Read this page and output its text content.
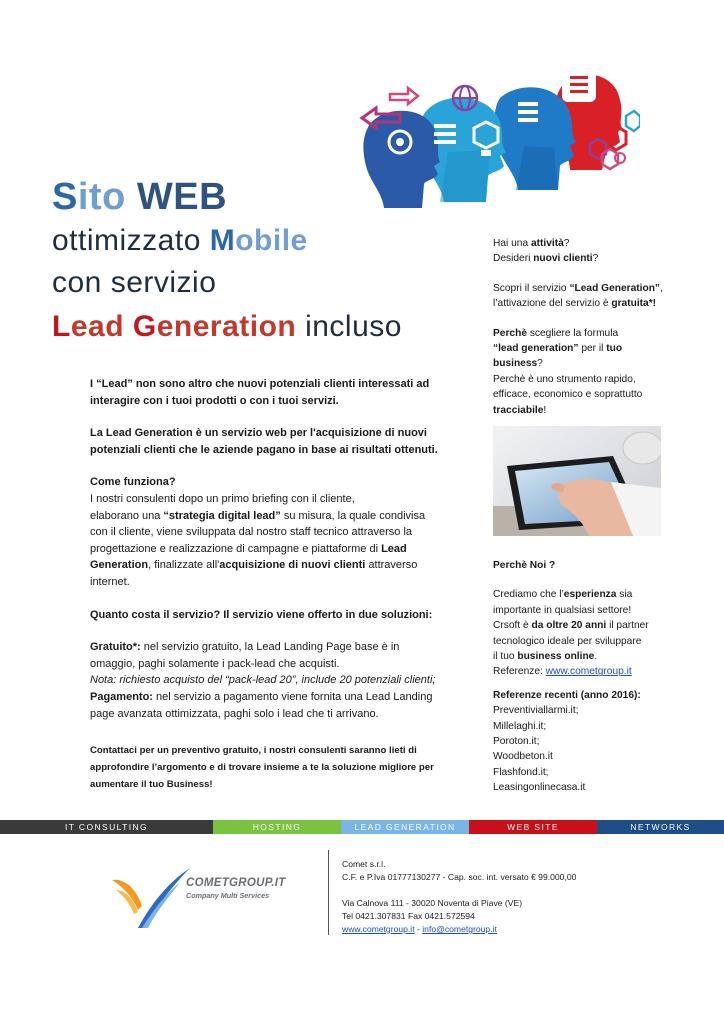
Sito WEB
ottimizzato Mobile
con servizio
Lead Generation incluso

I “Lead” non sono altro che nuovi potenziali clienti interessati ad interagire con i tuoi prodotti o con i tuoi servizi.

La Lead Generation è un servizio web per l'acquisizione di nuovi potenziali clienti che le aziende pagano in base ai risultati ottenuti.

Come funziona?

I nostri consulenti dopo un primo briefing con il cliente,

elaborano una “strategia digital lead” su misura, la quale condivisa con il cliente, viene sviluppata dal nostro staff tecnico attraverso la progettazione e realizzazione di campagne e piattaforme di Lead Generation, finalizzate all'acquisizione di nuovi clienti attraverso internet.

Quanto costa il servizio? Il servizio viene offerto in due soluzioni:

Gratuito*: nel servizio gratuito, la Lead Landing Page base è in omaggio, paghi solamente i pack-lead che acquisti.

Nota: richiesto acquisto del “pack-lead 20”, include 20 potenziali clienti;

Pagamento: nel servizio a pagamento viene fornita una Lead Landing page avanzata ottimizzata, paghi solo i lead che ti arrivano.

Contattaci per un preventivo gratuito, i nostri consulenti saranno lieti di approfondire l’argomento e di trovare insieme a te la soluzione migliore per aumentare il tuo Business!

Hai una attività?

Desideri nuovi clienti?

Scopri il servizio “Lead Generation”,

l’attivazione del servizio è gratuita*!

Perchè scegliere la formula

“lead generation” per il tuo business?

Perchè è uno strumento rapido,

efficace, economico e soprattutto

tracciabile!

Perchè Noi ?

Crediamo che l’esperienza sia

importante in qualsiasi settore!

Crsoft è da oltre 20 anni il partner

tecnologico ideale per sviluppare

il tuo business online.

Referenze: www.cometgroup.it

Referenze recenti (anno 2016):

Preventiviallarmi.it;

Millelaghi.it;

Poroton.it;

Woodbeton.it

Flashfond.it;

Leasingonlinecasa.it

IT CONSULTING	HOSTING	LEAD GENERATION	WEB SITE	NETWORKS
COMETGROUP.IT
Company Multi Services

Comet s.r.l.

C.F. e P.Iva 01777130277 - Cap. soc. int. versato € 99.000,00

Via Calnova 111 - 30020 Noventa di Piave (VE)

Tel 0421.307831 Fax 0421.572594

www.cometgroup.it - info@cometgroup.it
